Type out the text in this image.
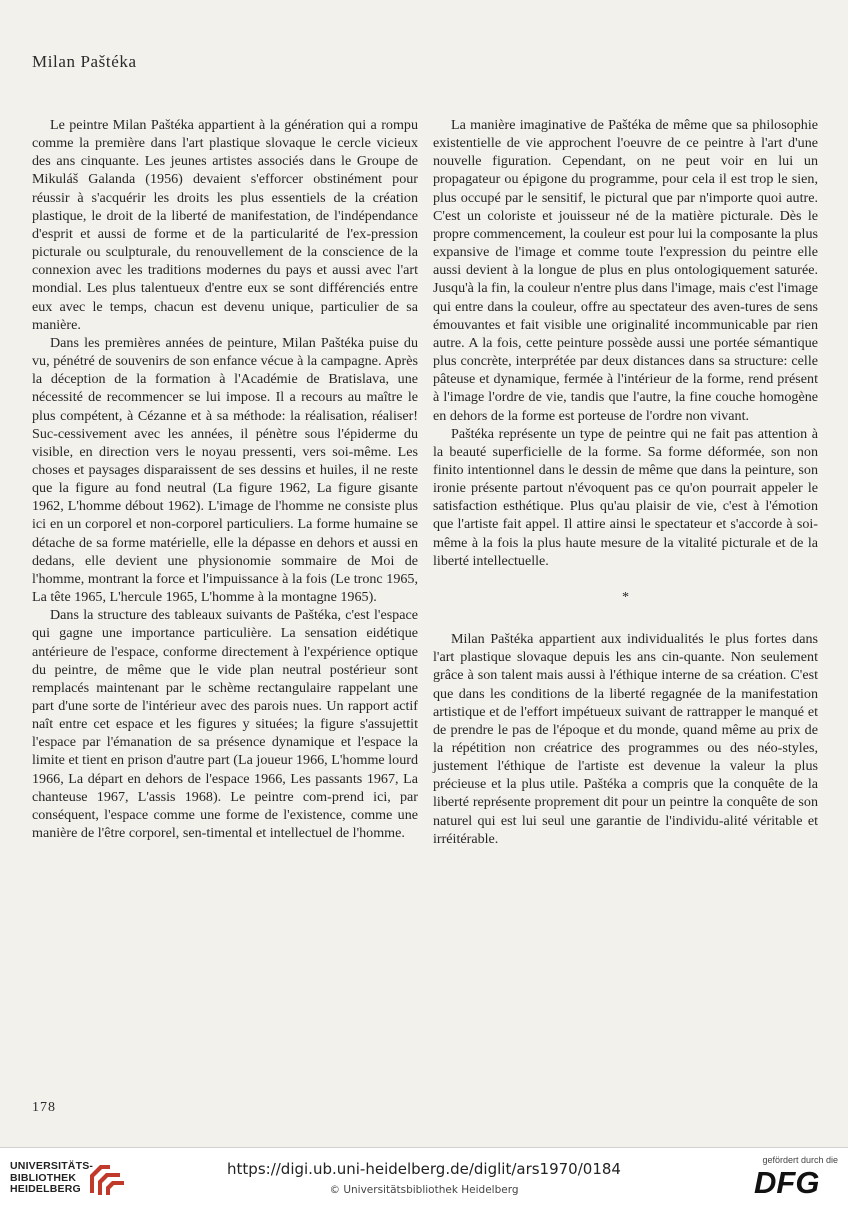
Milan Paštéka

Le peintre Milan Paštéka appartient à la génération qui a rompu comme la première dans l'art plastique slovaque le cercle vicieux des ans cinquante. Les jeunes artistes associés dans le Groupe de Mikuláš Galanda (1956) devaient s'efforcer obstinément pour réussir à s'acquérir les droits les plus essentiels de la création plastique, le droit de la liberté de manifestation, de l'indépendance d'esprit et aussi de forme et de la particularité de l'ex-pression picturale ou sculpturale, du renouvellement de la conscience de la connexion avec les traditions modernes du pays et aussi avec l'art mondial. Les plus talentueux d'entre eux se sont différenciés entre eux avec le temps, chacun est devenu unique, particulier de sa manière.

Dans les premières années de peinture, Milan Paštéka puise du vu, pénétré de souvenirs de son enfance vécue à la campagne. Après la déception de la formation à l'Académie de Bratislava, une nécessité de recommencer se lui impose. Il a recours au maître le plus compétent, à Cézanne et à sa méthode: la réalisation, réaliser! Suc-cessivement avec les années, il pénètre sous l'épiderme du visible, en direction vers le noyau pressenti, vers soi-même. Les choses et paysages disparaissent de ses dessins et huiles, il ne reste que la figure au fond neutral (La figure 1962, La figure gisante 1962, L'homme débout 1962). L'image de l'homme ne consiste plus ici en un corporel et non-corporel particuliers. La forme humaine se détache de sa forme matérielle, elle la dépasse en dehors et aussi en dedans, elle devient une physionomie sommaire de Moi de l'homme, montrant la force et l'impuissance à la fois (Le tronc 1965, La tête 1965, L'hercule 1965, L'homme à la montagne 1965).

Dans la structure des tableaux suivants de Paštéka, c'est l'espace qui gagne une importance particulière. La sensation eidétique antérieure de l'espace, conforme directement à l'expérience optique du peintre, de même que le vide plan neutral postérieur sont remplacés maintenant par le schème rectangulaire rappelant une part d'une sorte de l'intérieur avec des parois nues. Un rapport actif naît entre cet espace et les figures y situées; la figure s'assujettit l'espace par l'émanation de sa présence dynamique et l'espace la limite et tient en prison d'autre part (La joueur 1966, L'homme lourd 1966, La départ en dehors de l'espace 1966, Les passants 1967, La chanteuse 1967, L'assis 1968). Le peintre com-prend ici, par conséquent, l'espace comme une forme de l'existence, comme une manière de l'être corporel, sen-timental et intellectuel de l'homme.

La manière imaginative de Paštéka de même que sa philosophie existentielle de vie approchent l'oeuvre de ce peintre à l'art d'une nouvelle figuration. Cependant, on ne peut voir en lui un propagateur ou épigone du programme, pour cela il est trop le sien, plus occupé par le sensitif, le pictural que par n'importe quoi autre. C'est un coloriste et jouisseur né de la matière picturale. Dès le propre commencement, la couleur est pour lui la composante la plus expansive de l'image et comme toute l'expression du peintre elle aussi devient à la longue de plus en plus ontologiquement saturée. Jusqu'à la fin, la couleur n'entre plus dans l'image, mais c'est l'image qui entre dans la couleur, offre au spectateur des aven-tures de sens émouvantes et fait visible une originalité incommunicable par rien autre. A la fois, cette peinture possède aussi une portée sémantique plus concrète, interprétée par deux distances dans sa structure: celle pâteuse et dynamique, fermée à l'intérieur de la forme, rend présent à l'image l'ordre de vie, tandis que l'autre, la fine couche homogène en dehors de la forme est porteuse de l'ordre non vivant.

Paštéka représente un type de peintre qui ne fait pas attention à la beauté superficielle de la forme. Sa forme déformée, son non finito intentionnel dans le dessin de même que dans la peinture, son ironie présente partout n'évoquent pas ce qu'on pourrait appeler le satisfaction esthétique. Plus qu'au plaisir de vie, c'est à l'émotion que l'artiste fait appel. Il attire ainsi le spectateur et s'accorde à soi-même à la fois la plus haute mesure de la vitalité picturale et de la liberté intellectuelle.

*

Milan Paštéka appartient aux individualités le plus fortes dans l'art plastique slovaque depuis les ans cin-quante. Non seulement grâce à son talent mais aussi à l'éthique interne de sa création. C'est que dans les conditions de la liberté regagnée de la manifestation artistique et de l'effort impétueux suivant de rattrapper le manqué et de prendre le pas de l'époque et du monde, quand même au prix de la répétition non créatrice des programmes ou des néo-styles, justement l'éthique de l'artiste est devenue la valeur la plus précieuse et la plus utile. Paštéka a compris que la conquête de la liberté représente proprement dit pour un peintre la conquête de son naturel qui est lui seul une garantie de l'individu-alité véritable et irréitérable.

178
UNIVERSITÄTS-
BIBLIOTHEK
HEIDELBERG
https://digi.ub.uni-heidelberg.de/diglit/ars1970/0184
© Universitätsbibliothek Heidelberg
gefördert durch die
DFG
